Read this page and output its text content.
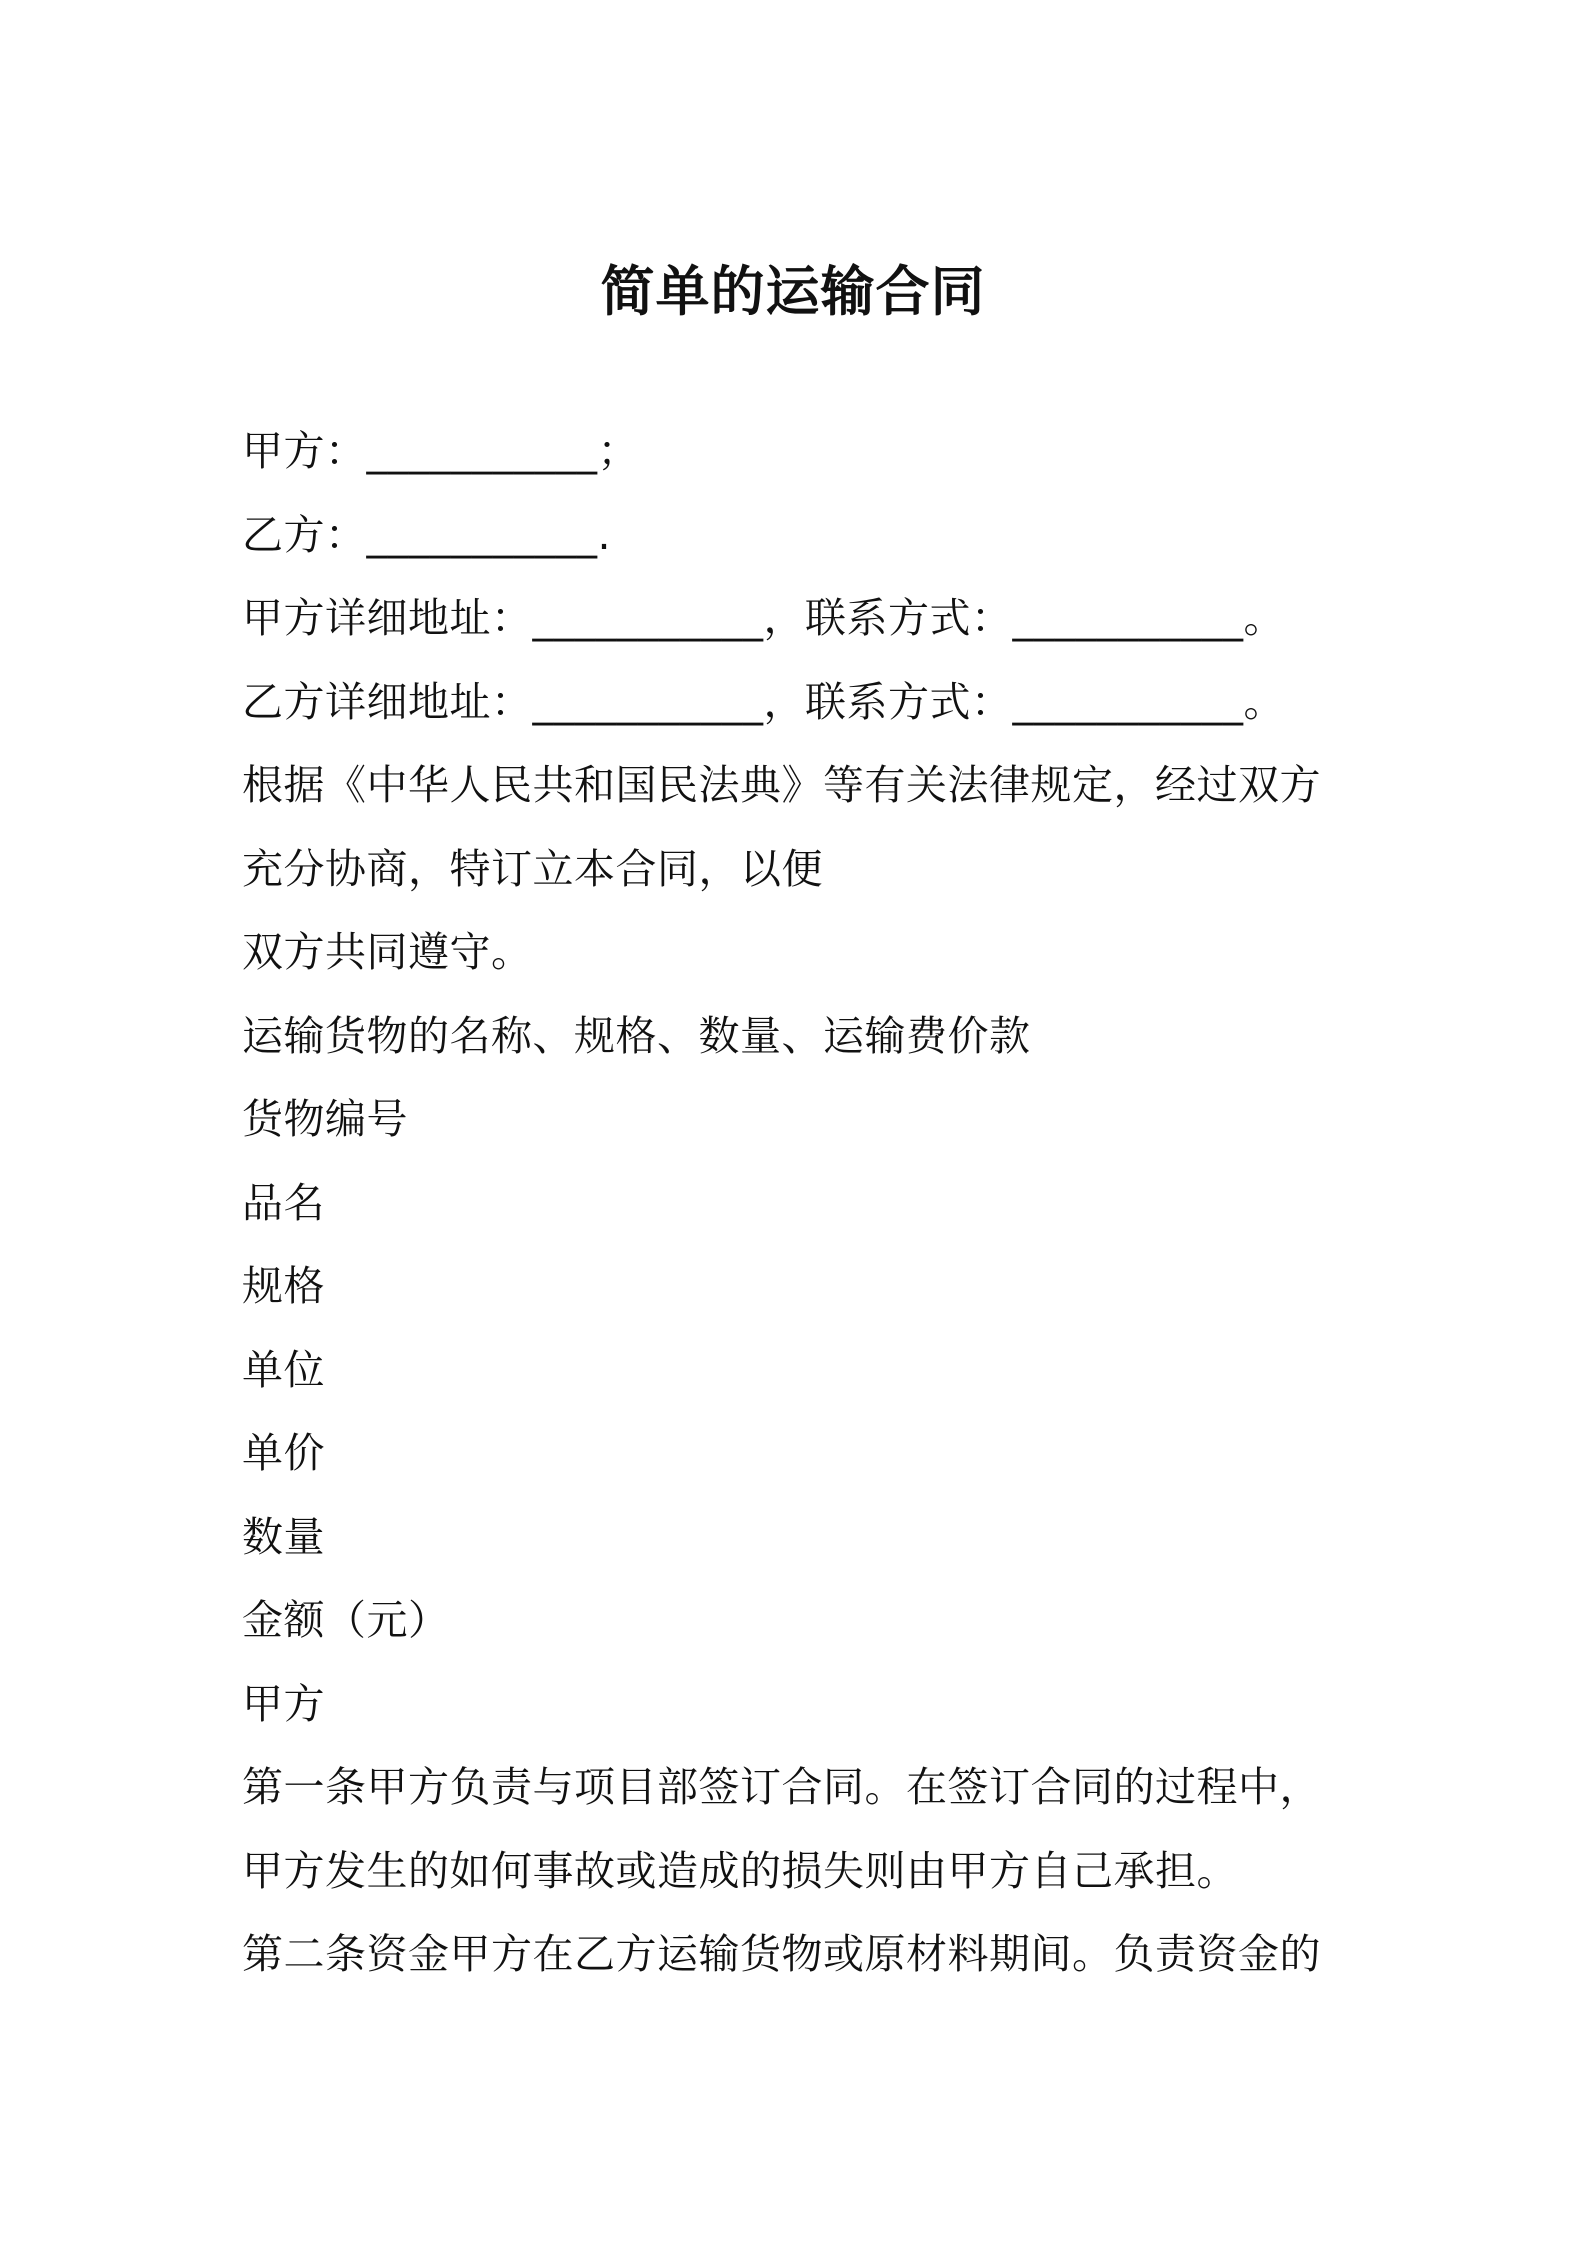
简单的运输合同
甲方：___________；
乙方：___________.
甲方详细地址：___________，联系方式：___________。
乙方详细地址：___________，联系方式：___________。
根据《中华人民共和国民法典》等有关法律规定，经过双方
充分协商，特订立本合同，以便
双方共同遵守。
运输货物的名称、规格、数量、运输费价款
货物编号
品名
规格
单位
单价
数量
金额（元）
甲方
第一条甲方负责与项目部签订合同。在签订合同的过程中，
甲方发生的如何事故或造成的损失则由甲方自己承担。
第二条资金甲方在乙方运输货物或原材料期间。负责资金的
